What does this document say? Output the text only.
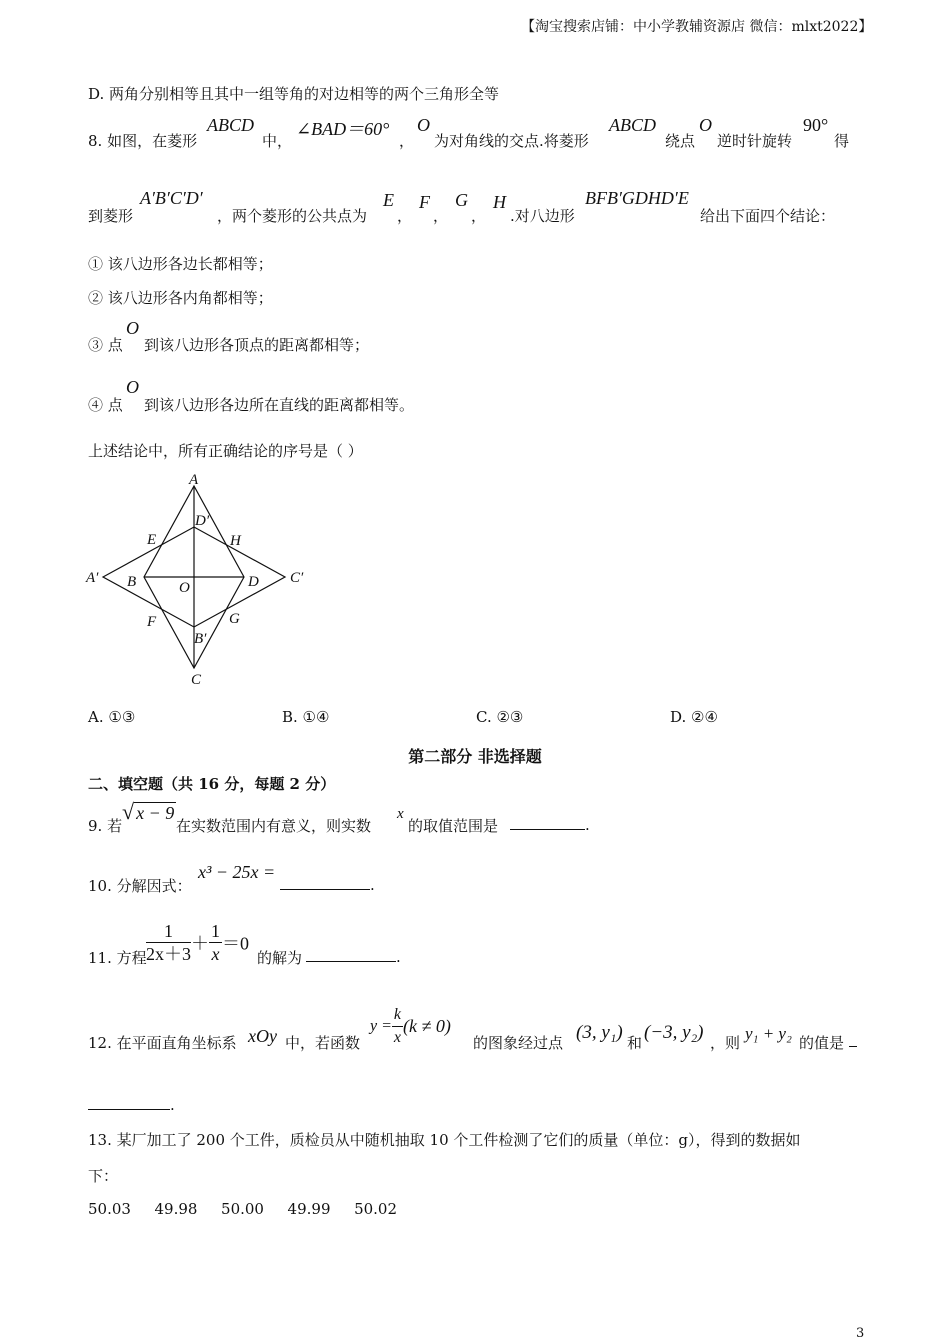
【淘宝搜索店铺：中小学教辅资源店 微信：mlxt2022】
D. 两角分别相等且其中一组等角的对边相等的两个三角形全等
8. 如图，在菱形
ABCD
中，
∠BAD＝60°
，
O
为对角线的交点.将菱形
ABCD
绕点
O
逆时针旋转
90°
得
到菱形
A′B′C′D′
，两个菱形的公共点为
E
，
F
，
G
，
H
.对八边形
BFB′GDHD′E
给出下面四个结论：
① 该八边形各边长都相等；
② 该八边形各内角都相等；
③ 点
O
到该八边形各顶点的距离都相等；
④ 点
O
到该八边形各边所在直线的距离都相等。
上述结论中，所有正确结论的序号是（ ）
A
D′
E	H
A′ B	O	D C′
F	G
B′
C
A. ①③	B. ①④	C. ②③	D. ②④
第二部分 非选择题
二、填空题（共 16 分，每题 2 分）
9. 若
√ x − 9
在实数范围内有意义，则实数
x
的取值范围是	.
10. 分解因式：
x³ − 25x =
.
11. 方程 $\frac{1}{2x+3} + \frac{1}{x} =0$
的解为	.
12. 在平面直角坐标系 xOy 中，若函数
$y = \frac{k}{x} (k \ne 0)$
的图象经过点 (3, y₁) 和 (−3, y₂) ，则 y₁ + y₂ 的值是
.
13. 某厂加工了 200 个工件，质检员从中随机抽取 10 个工件检测了它们的质量（单位：g），得到的数据如
下：
50.03 49.98 50.00 49.99 50.02
3
